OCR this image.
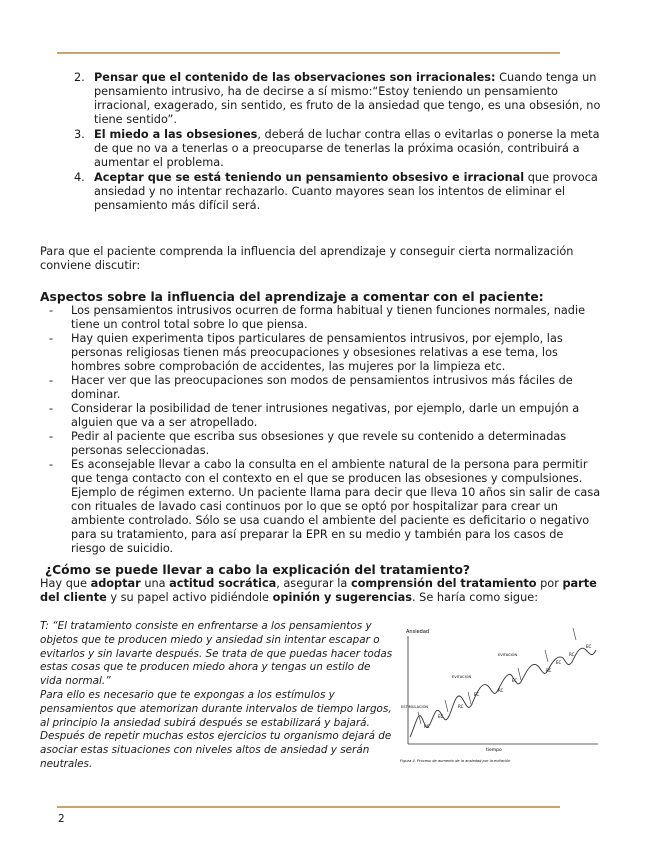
2. Pensar que el contenido de las observaciones son irracionales: Cuando tenga un pensamiento intrusivo, ha de decirse a sí mismo:“Estoy teniendo un pensamiento irracional, exagerado, sin sentido, es fruto de la ansiedad que tengo, es una obsesión, no tiene sentido”.
3. El miedo a las obsesiones, deberá de luchar contra ellas o evitarlas o ponerse la meta de que no va a tenerlas o a preocuparse de tenerlas la próxima ocasión, contribuirá a aumentar el problema.
4. Aceptar que se está teniendo un pensamiento obsesivo e irracional que provoca ansiedad y no intentar rechazarlo. Cuanto mayores sean los intentos de eliminar el pensamiento más difícil será.

Para que el paciente comprenda la influencia del aprendizaje y conseguir cierta normalización conviene discutir:

Aspectos sobre la influencia del aprendizaje a comentar con el paciente:
- Los pensamientos intrusivos ocurren de forma habitual y tienen funciones normales, nadie tiene un control total sobre lo que piensa.
- Hay quien experimenta tipos particulares de pensamientos intrusivos, por ejemplo, las personas religiosas tienen más preocupaciones y obsesiones relativas a ese tema, los hombres sobre comprobación de accidentes, las mujeres por la limpieza etc.
- Hacer ver que las preocupaciones son modos de pensamientos intrusivos más fáciles de dominar.
- Considerar la posibilidad de tener intrusiones negativas, por ejemplo, darle un empujón a alguien que va a ser atropellado.
- Pedir al paciente que escriba sus obsesiones y que revele su contenido a determinadas personas seleccionadas.
- Es aconsejable llevar a cabo la consulta en el ambiente natural de la persona para permitir que tenga contacto con el contexto en el que se producen las obsesiones y compulsiones. Ejemplo de régimen externo. Un paciente llama para decir que lleva 10 años sin salir de casa con rituales de lavado casi continuos por lo que se optó por hospitalizar para crear un ambiente controlado. Sólo se usa cuando el ambiente del paciente es deficitario o negativo para su tratamiento, para así preparar la EPR en su medio y también para los casos de riesgo de suicidio.
¿Cómo se puede llevar a cabo la explicación del tratamiento?

Hay que adoptar una actitud socrática, asegurar la comprensión del tratamiento por parte del cliente y su papel activo pidiéndole opinión y sugerencias. Se haría como sigue:

T: “El tratamiento consiste en enfrentarse a los pensamientos y objetos que te producen miedo y ansiedad sin intentar escapar o evitarlos y sin lavarte después. Se trata de que puedas hacer todas estas cosas que te producen miedo ahora y tengas un estilo de vida normal.”

Para ello es necesario que te expongas a los estímulos y pensamientos que atemorizan durante intervalos de tiempo largos, al principio la ansiedad subirá después se estabilizará y bajará. Después de repetir muchas estos ejercicios tu organismo dejará de asociar estas situaciones con niveles altos de ansiedad y serán neutrales.

Ansiedad
tiempo
ESTIMULACIÓN
EVITACIÓN
EVITACIÓN
RC
EC
RC
EC
RC
EC
RC
EC
RC
EC
Figura 4. Proceso de aumento de la ansiedad por la evitación
2
